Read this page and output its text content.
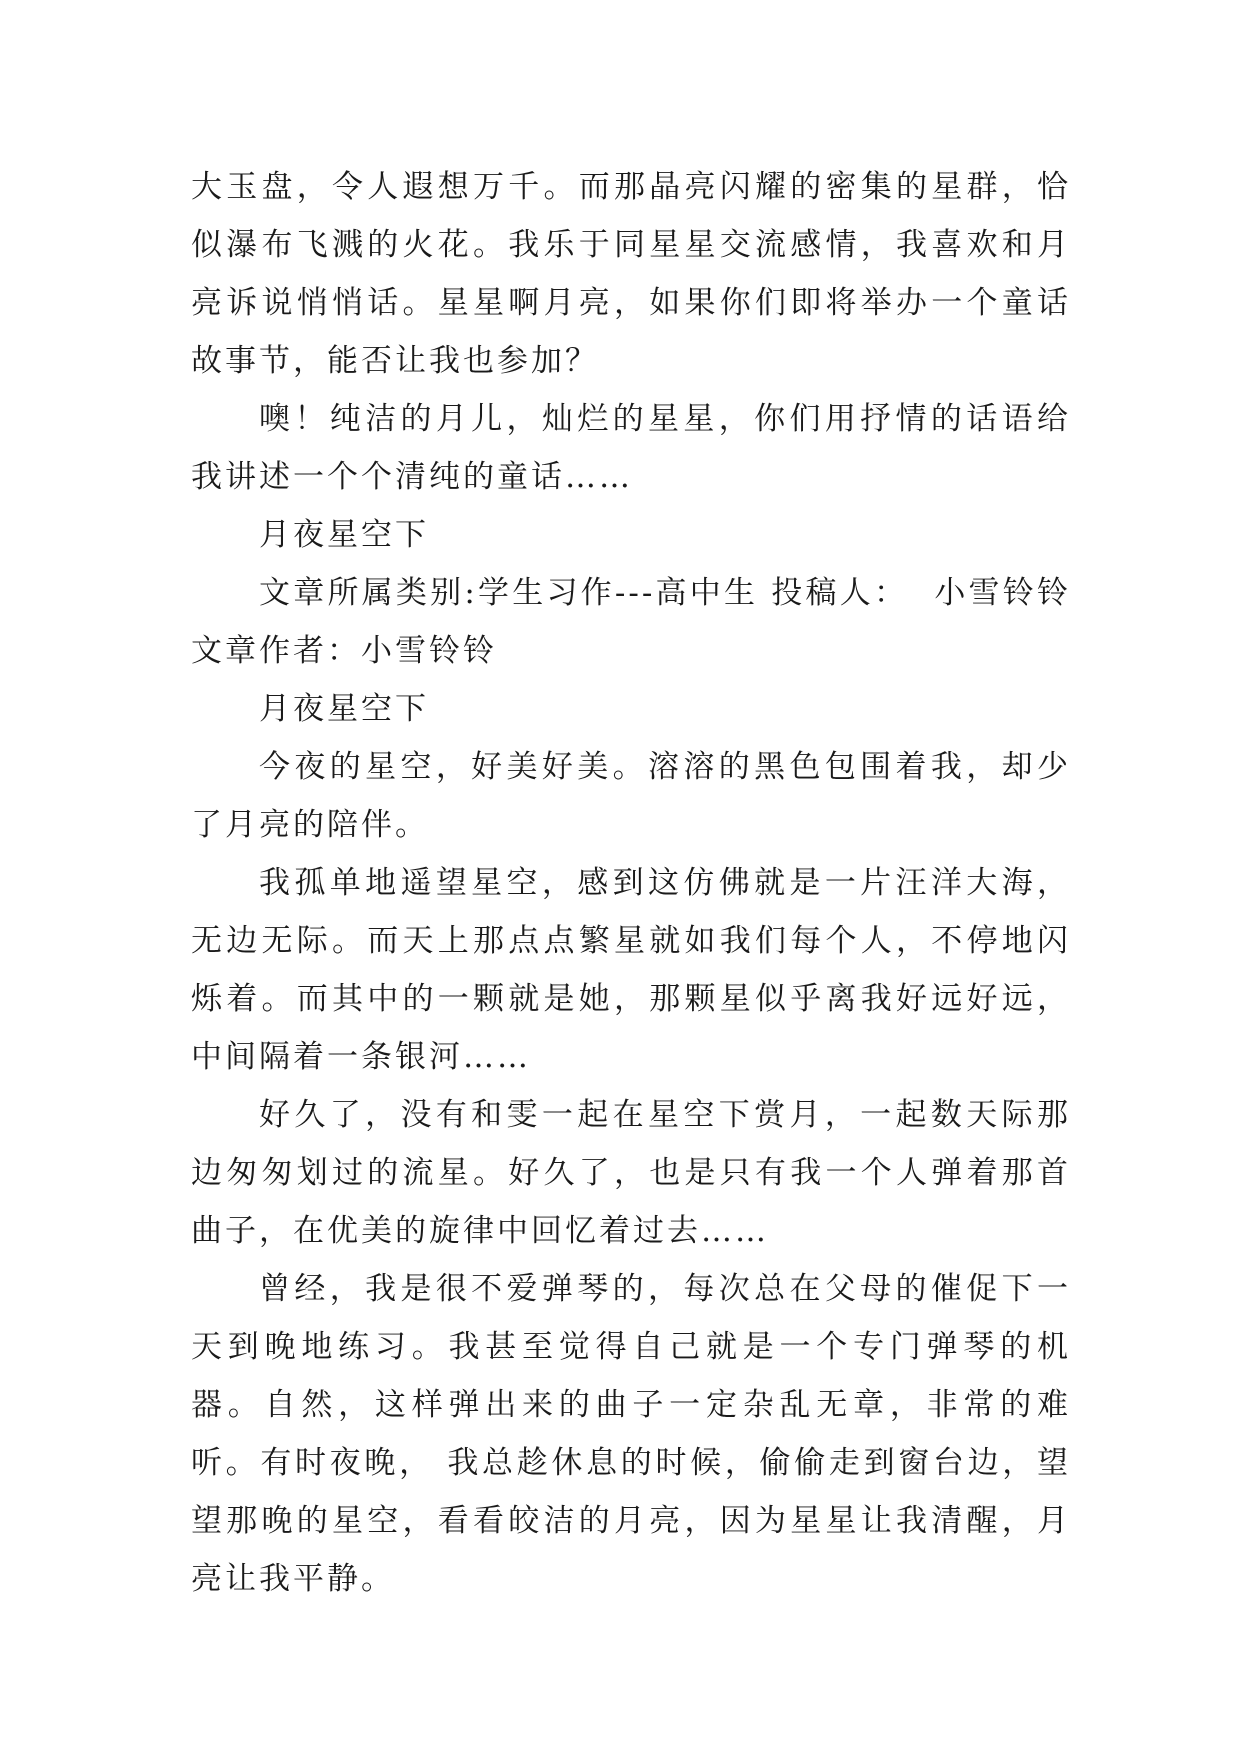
大玉盘，令人遐想万千。而那晶亮闪耀的密集的星群，恰似瀑布飞溅的火花。我乐于同星星交流感情，我喜欢和月亮诉说悄悄话。星星啊月亮，如果你们即将举办一个童话故事节，能否让我也参加？

噢！纯洁的月儿，灿烂的星星，你们用抒情的话语给我讲述一个个清纯的童话……

月夜星空下

文章所属类别:学生习作---高中生 投稿人：  小雪铃铃文章作者：小雪铃铃

月夜星空下

今夜的星空，好美好美。溶溶的黑色包围着我，却少了月亮的陪伴。

我孤单地遥望星空，感到这仿佛就是一片汪洋大海，无边无际。而天上那点点繁星就如我们每个人，不停地闪烁着。而其中的一颗就是她，那颗星似乎离我好远好远，中间隔着一条银河……

好久了，没有和雯一起在星空下赏月，一起数天际那边匆匆划过的流星。好久了，也是只有我一个人弹着那首曲子，在优美的旋律中回忆着过去……

曾经，我是很不爱弹琴的，每次总在父母的催促下一天到晚地练习。我甚至觉得自己就是一个专门弹琴的机器。自然，这样弹出来的曲子一定杂乱无章，非常的难听。有时夜晚， 我总趁休息的时候，偷偷走到窗台边，望望那晚的星空，看看皎洁的月亮，因为星星让我清醒，月亮让我平静。
